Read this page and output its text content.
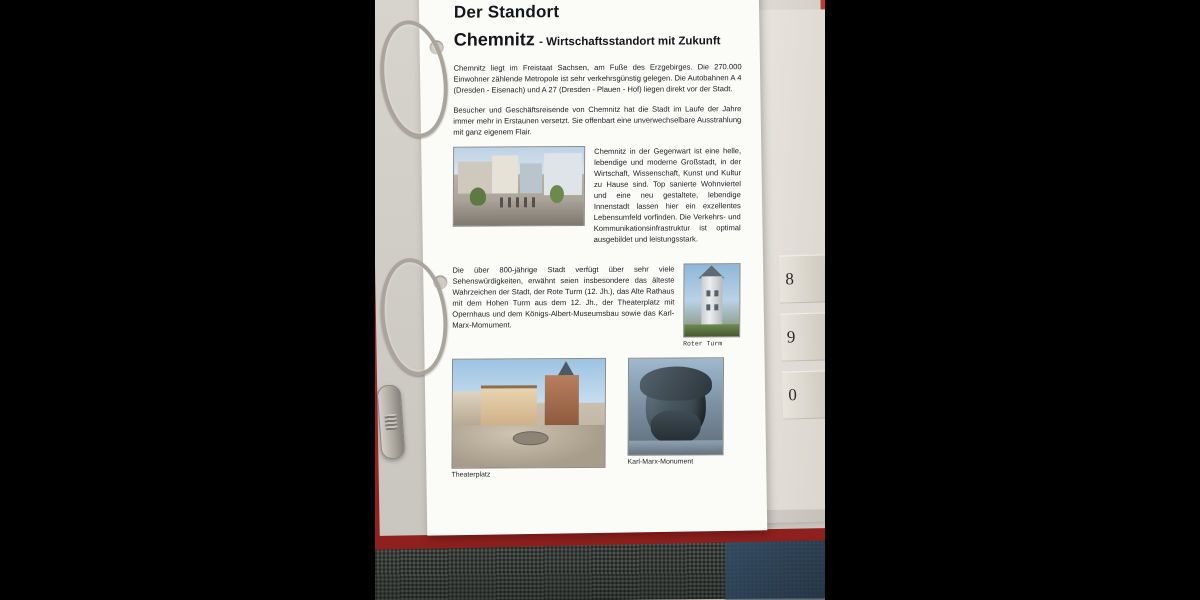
8
9
0
Der Standort
Chemnitz - Wirtschaftsstandort mit Zukunft

Chemnitz liegt im Freistaat Sachsen, am Fuße des Erzgebirges. Die 270.000 Einwohner zählende Metropole ist sehr verkehrsgünstig gelegen. Die Autobahnen A 4 (Dresden - Eisenach) und A 27 (Dresden - Plauen - Hof) liegen direkt vor der Stadt.

Besucher und Geschäftsreisende von Chemnitz hat die Stadt im Laufe der Jahre immer mehr in Erstaunen versetzt. Sie offenbart eine unverwechselbare Ausstrahlung mit ganz eigenem Flair.

Chemnitz in der Gegenwart ist eine helle, lebendige und moderne Großstadt, in der Wirtschaft, Wissenschaft, Kunst und Kultur zu Hause sind. Top sanierte Wohnviertel und eine neu gestaltete, lebendige Innenstadt lassen hier ein exzellentes Lebensumfeld vorfinden. Die Verkehrs- und Kommunikationsinfrastruktur ist optimal ausgebildet und leistungsstark.

Die über 800-jährige Stadt verfügt über sehr viele Sehenswürdigkeiten, erwähnt seien insbesondere das älteste Wahrzeichen der Stadt, der Rote Turm (12. Jh.), das Alte Rathaus mit dem Hohen Turm aus dem 12. Jh., der Theaterplatz mit Opernhaus und dem Königs-Albert-Museumsbau sowie das Karl-Marx-Momument.

Roter Turm
Theaterplatz
Karl-Marx-Monument
